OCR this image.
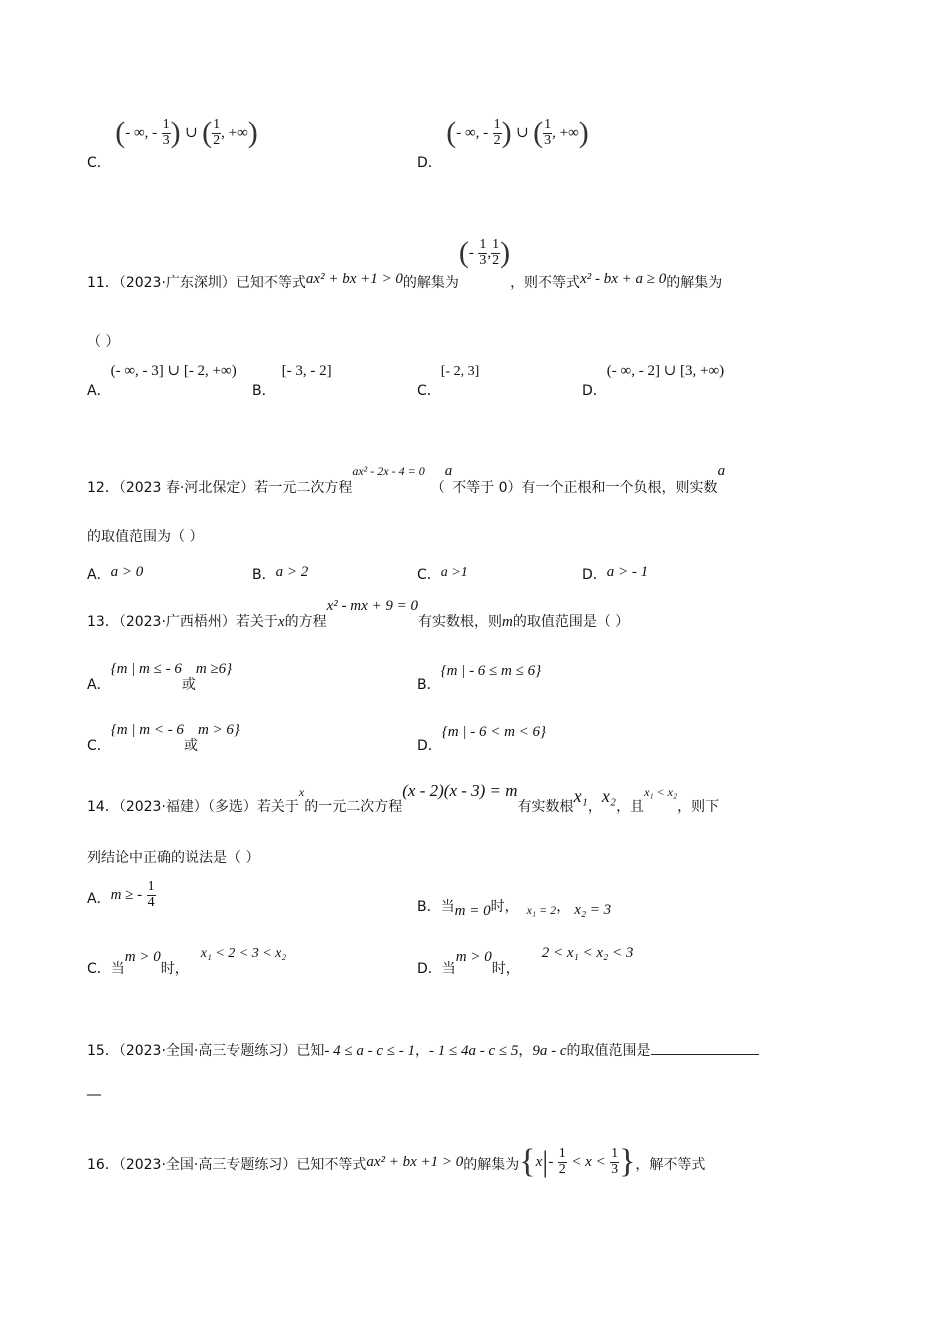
C． (- ∞, - $\frac{1}{3}$ ) ∪ ( $\frac{1}{2}$ , +∞)
D． (- ∞, - $\frac{1}{2}$ ) ∪ ( $\frac{1}{3}$ , +∞)
11．（2023·广东深圳）已知不等式ax² + bx +1 > 0的解集为(- $\frac{1}{3}$ , $\frac{1}{2}$ )，则不等式x² - bx + a ≥ 0的解集为
（ ）
A．(- ∞, - 3] ∪ [- 2, +∞)
B．[- 3, - 2]
C．[- 2, 3]
D．(- ∞, - 2] ∪ [3, +∞)
12．（2023 春·河北保定）若一元二次方程ax² - 2x - 4 = 0（a不等于 0）有一个正根和一个负根，则实数a
的取值范围为（ ）
A．a > 0	B．a > 2	C．a >1	D．a > - 1
13．（2023·广西梧州）若关于x的方程x² - mx + 9 = 0有实数根，则m的取值范围是（ ）
A．{m | m ≤ - 6或m ≥6}
B．{m | - 6 ≤ m ≤ 6}
C．{m | m < - 6或m > 6}
D．{m | - 6 < m < 6}
14．（2023·福建）（多选）若关于x的一元二次方程(x - 2)(x - 3) = m有实数根x₁，x₂，且x₁ < x₂，则下
列结论中正确的说法是（ ）
A．m ≥ - $\frac{1}{4}$	B．当m = 0时， x₁ = 2， x₂ = 3
C．当m > 0时，x₁ < 2 < 3 < x₂
D．当m > 0时，2 < x₁ < x₂ < 3
15．（2023·全国·高三专题练习）已知- 4 ≤ a - c ≤ - 1，- 1 ≤ 4a - c ≤ 5，9a - c的取值范围是
__
16．（2023·全国·高三专题练习）已知不等式ax² + bx +1 > 0的解集为{$x|- \frac{1}{2} < x < \frac{1}{3}$ }，解不等式
